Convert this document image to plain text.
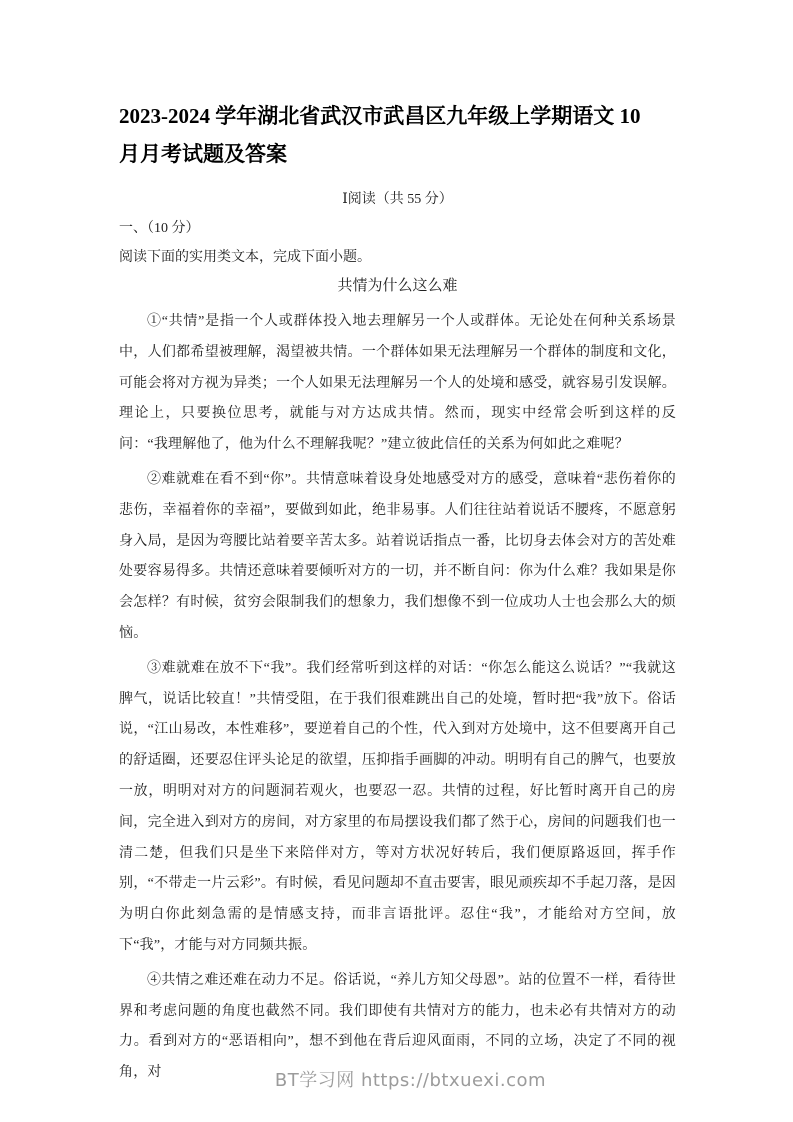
2023-2024 学年湖北省武汉市武昌区九年级上学期语文 10
月月考试题及答案
Ⅰ阅读（共 55 分）
一、（10 分）
阅读下面的实用类文本，完成下面小题。
共情为什么这么难

①“共情”是指一个人或群体投入地去理解另一个人或群体。无论处在何种关系场景中，人们都希望被理解，渴望被共情。一个群体如果无法理解另一个群体的制度和文化，可能会将对方视为异类；一个人如果无法理解另一个人的处境和感受，就容易引发误解。理论上，只要换位思考，就能与对方达成共情。然而，现实中经常会听到这样的反问：“我理解他了，他为什么不理解我呢？”建立彼此信任的关系为何如此之难呢？

②难就难在看不到“你”。共情意味着设身处地感受对方的感受，意味着“悲伤着你的悲伤，幸福着你的幸福”，要做到如此，绝非易事。人们往往站着说话不腰疼，不愿意躬身入局，是因为弯腰比站着要辛苦太多。站着说话指点一番，比切身去体会对方的苦处难处要容易得多。共情还意味着要倾听对方的一切，并不断自问：你为什么难？我如果是你会怎样？有时候，贫穷会限制我们的想象力，我们想像不到一位成功人士也会那么大的烦恼。

③难就难在放不下“我”。我们经常听到这样的对话：“你怎么能这么说话？”“我就这脾气，说话比较直！”共情受阻，在于我们很难跳出自己的处境，暂时把“我”放下。俗话说，“江山易改，本性难移”，要逆着自己的个性，代入到对方处境中，这不但要离开自己的舒适圈，还要忍住评头论足的欲望，压抑指手画脚的冲动。明明有自己的脾气，也要放一放，明明对对方的问题洞若观火，也要忍一忍。共情的过程，好比暂时离开自己的房间，完全进入到对方的房间，对方家里的布局摆设我们都了然于心，房间的问题我们也一清二楚，但我们只是坐下来陪伴对方，等对方状况好转后，我们便原路返回，挥手作别，“不带走一片云彩”。有时候，看见问题却不直击要害，眼见顽疾却不手起刀落，是因为明白你此刻急需的是情感支持，而非言语批评。忍住“我”，才能给对方空间，放下“我”，才能与对方同频共振。

④共情之难还难在动力不足。俗话说，“养儿方知父母恩”。站的位置不一样，看待世界和考虑问题的角度也截然不同。我们即使有共情对方的能力，也未必有共情对方的动力。看到对方的“恶语相向”，想不到他在背后迎风面雨，不同的立场，决定了不同的视角，对	BT学习网 https://btxuexi.com
